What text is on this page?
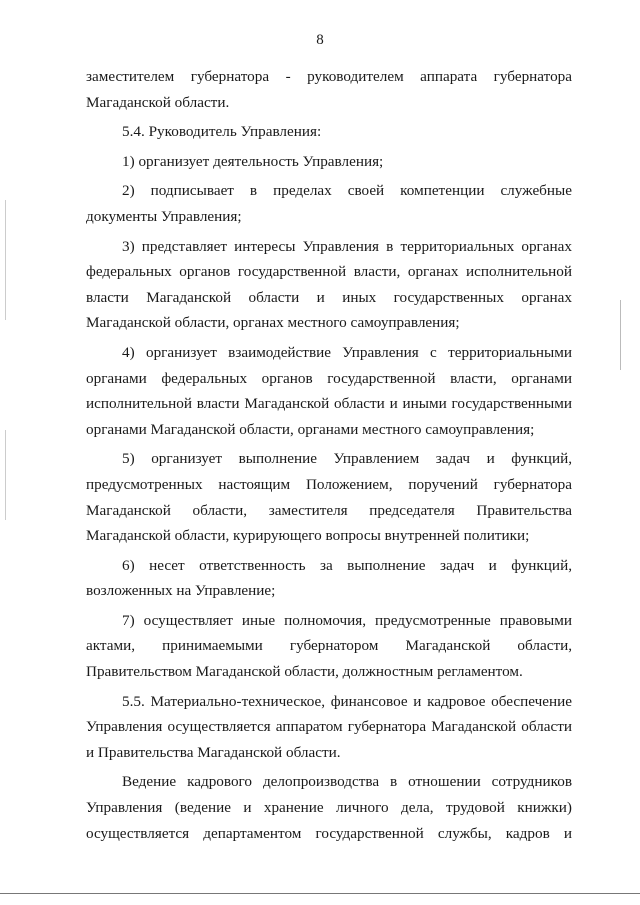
8
заместителем губернатора - руководителем аппарата губернатора
Магаданской области.
5.4. Руководитель Управления:
1) организует деятельность Управления;
2) подписывает в пределах своей компетенции служебные
документы Управления;
3) представляет интересы Управления в территориальных органах
федеральных органов государственной власти, органах исполнительной
власти Магаданской области и иных государственных органах
Магаданской области, органах местного самоуправления;
4) организует взаимодействие Управления с территориальными
органами федеральных органов государственной власти, органами
исполнительной власти Магаданской области и иными государственными
органами Магаданской области, органами местного самоуправления;
5) организует выполнение Управлением задач и функций,
предусмотренных настоящим Положением, поручений губернатора
Магаданской области, заместителя председателя Правительства
Магаданской области, курирующего вопросы внутренней политики;
6) несет ответственность за выполнение задач и функций,
возложенных на Управление;
7) осуществляет иные полномочия, предусмотренные правовыми
актами, принимаемыми губернатором Магаданской области,
Правительством Магаданской области, должностным регламентом.
5.5. Материально-техническое, финансовое и кадровое обеспечение
Управления осуществляется аппаратом губернатора Магаданской области
и Правительства Магаданской области.
Ведение кадрового делопроизводства в отношении сотрудников
Управления (ведение и хранение личного дела, трудовой книжки)
осуществляется департаментом государственной службы, кадров и
